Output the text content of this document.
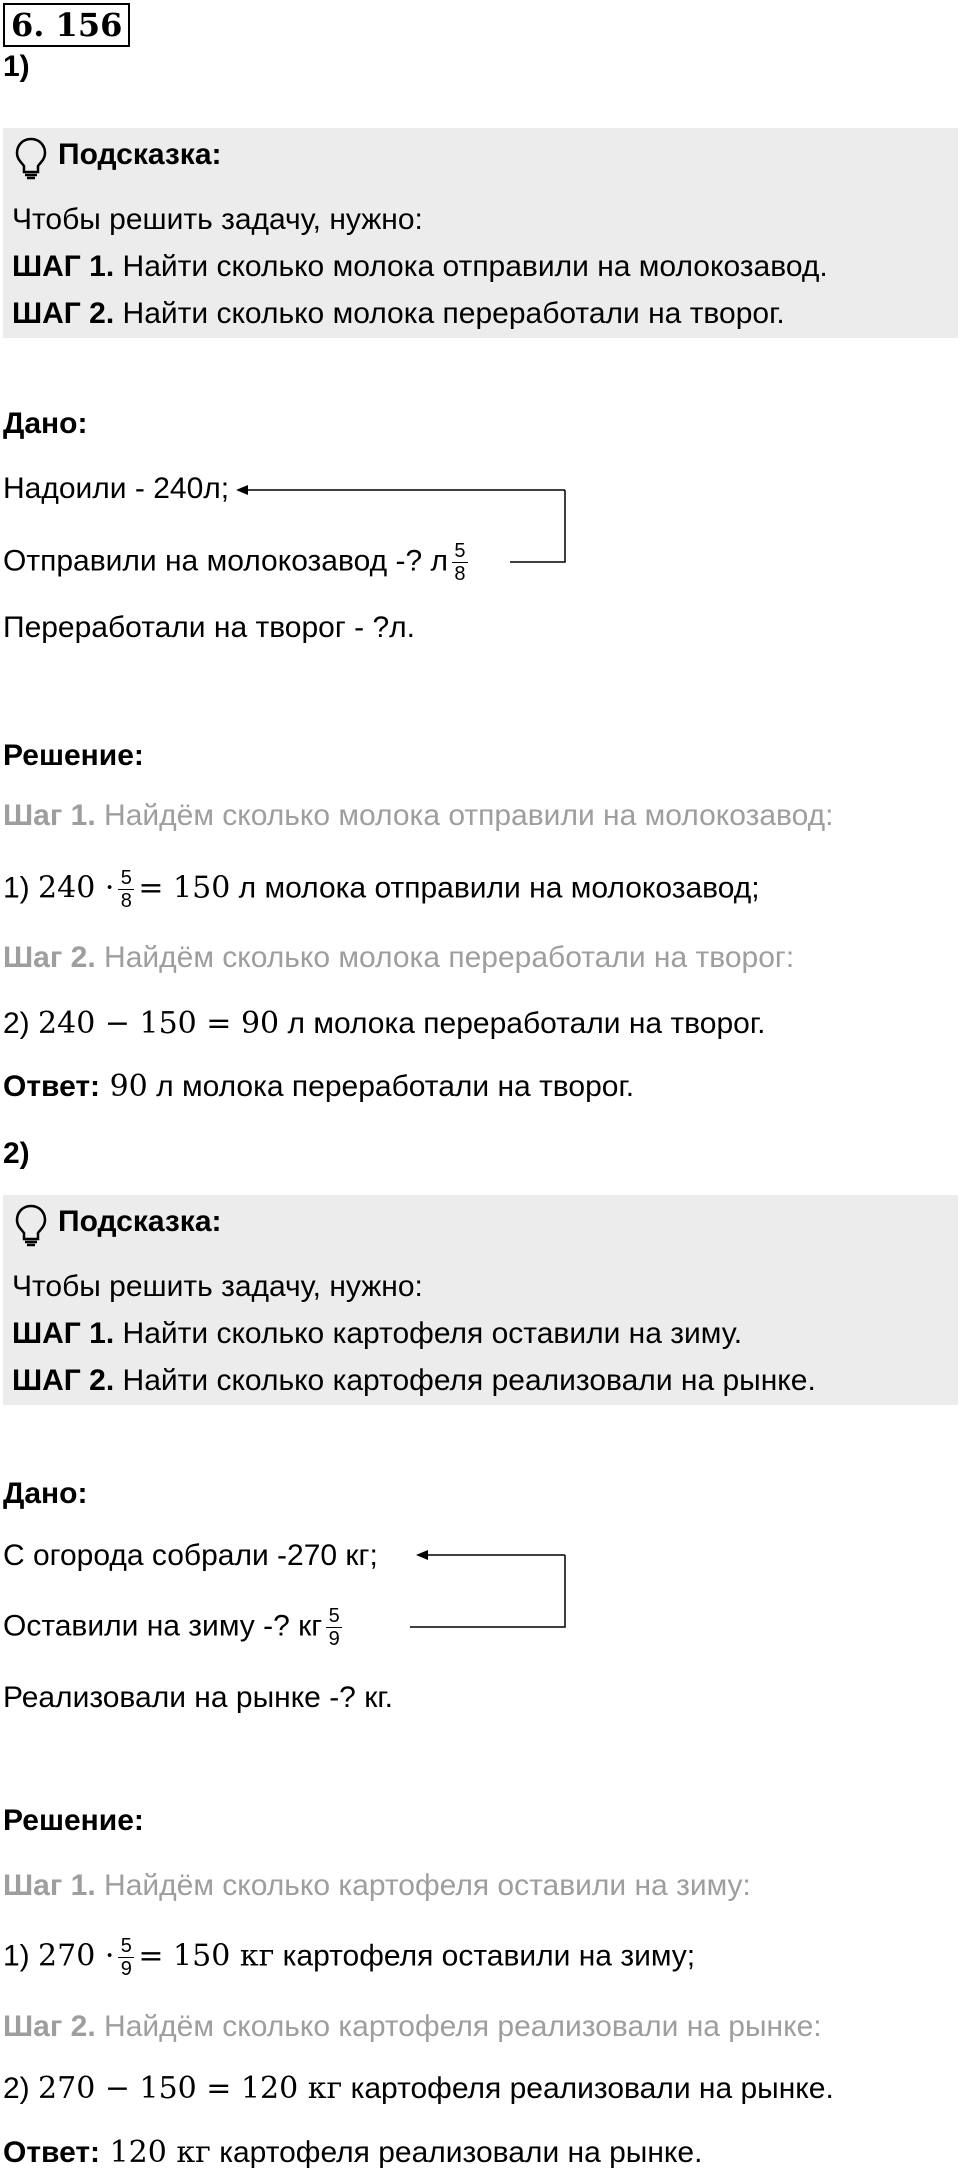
6. 156
1)
Подсказка:
Чтобы решить задачу, нужно:
ШАГ 1. Найти сколько молока отправили на молокозавод.
ШАГ 2. Найти сколько молока переработали на творог.
Дано:
Надоили - 240л;
Отправили на молокозавод -? л $\frac{5}{8}$
Переработали на творог - ?л.
Решение:
Шаг 1. Найдём сколько молока отправили на молокозавод:
1) $240 \cdot \frac{5}{8} = 150$ л молока отправили на молокозавод;
Шаг 2. Найдём сколько молока переработали на творог:
2) 240 − 150 = 90 л молока переработали на творог.
Ответ: 90 л молока переработали на творог.
2)
Подсказка:
Чтобы решить задачу, нужно:
ШАГ 1. Найти сколько картофеля оставили на зиму.
ШАГ 2. Найти сколько картофеля реализовали на рынке.
Дано:
С огорода собрали -270 кг;
Оставили на зиму -? кг $\frac{5}{9}$
Реализовали на рынке -? кг.
Решение:
Шаг 1. Найдём сколько картофеля оставили на зиму:
1) $270 \cdot \frac{5}{9} = 150$ кг картофеля оставили на зиму;
Шаг 2. Найдём сколько картофеля реализовали на рынке:
2) 270 − 150 = 120 кг картофеля реализовали на рынке.
Ответ: 120 кг картофеля реализовали на рынке.
